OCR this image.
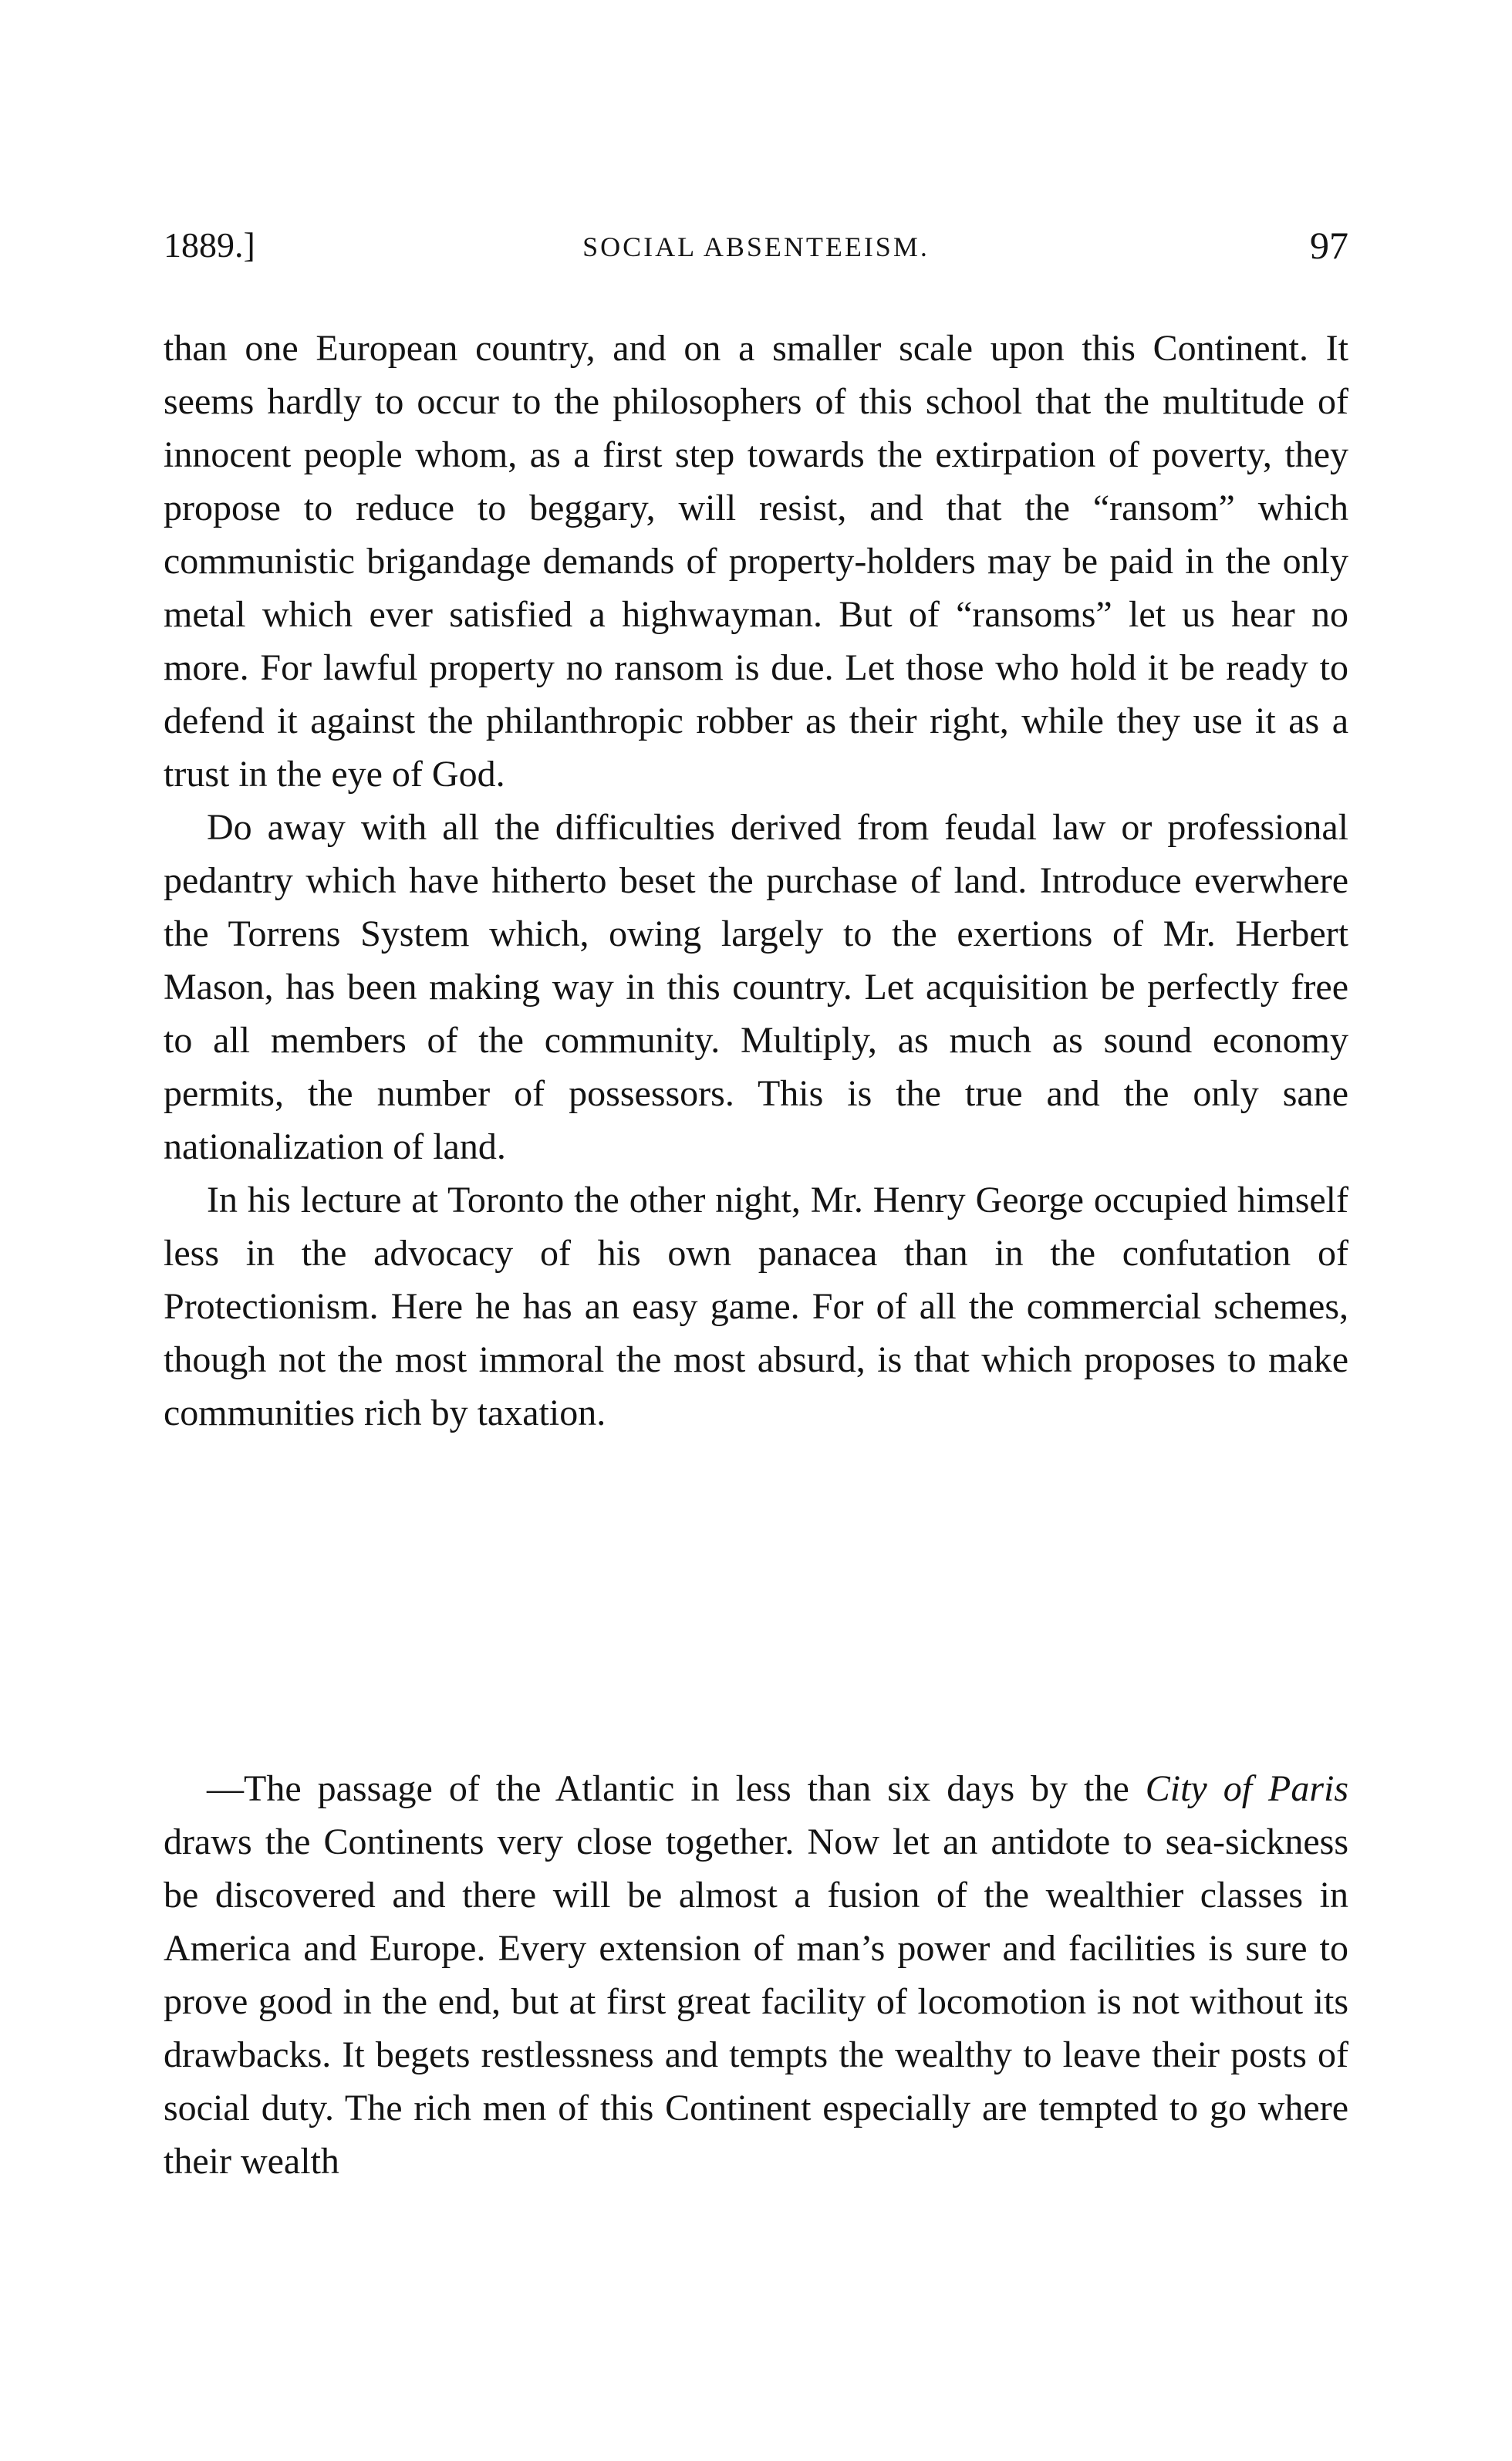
1889.]	SOCIAL ABSENTEEISM.	97

than one European country, and on a smaller scale upon this Continent. It seems hardly to occur to the philosophers of this school that the multitude of innocent people whom, as a first step towards the extirpation of poverty, they propose to reduce to beggary, will resist, and that the “ransom” which communistic brigandage demands of property-holders may be paid in the only metal which ever satisfied a highwayman. But of “ransoms” let us hear no more. For lawful property no ransom is due. Let those who hold it be ready to defend it against the philanthropic robber as their right, while they use it as a trust in the eye of God.

Do away with all the difficulties derived from feudal law or professional pedantry which have hitherto beset the purchase of land. Introduce everwhere the Torrens System which, owing largely to the exertions of Mr. Herbert Mason, has been making way in this country. Let acquisition be perfectly free to all members of the community. Multiply, as much as sound economy permits, the number of possessors. This is the true and the only sane nationalization of land.

In his lecture at Toronto the other night, Mr. Henry George occupied himself less in the advocacy of his own panacea than in the confutation of Protectionism. Here he has an easy game. For of all the commercial schemes, though not the most immoral the most absurd, is that which proposes to make communities rich by taxation.

—The passage of the Atlantic in less than six days by the City of Paris draws the Continents very close together. Now let an antidote to sea-sickness be discovered and there will be almost a fusion of the wealthier classes in America and Europe. Every extension of man’s power and facilities is sure to prove good in the end, but at first great facility of locomotion is not without its drawbacks. It begets restlessness and tempts the wealthy to leave their posts of social duty. The rich men of this Continent especially are tempted to go where their wealth
